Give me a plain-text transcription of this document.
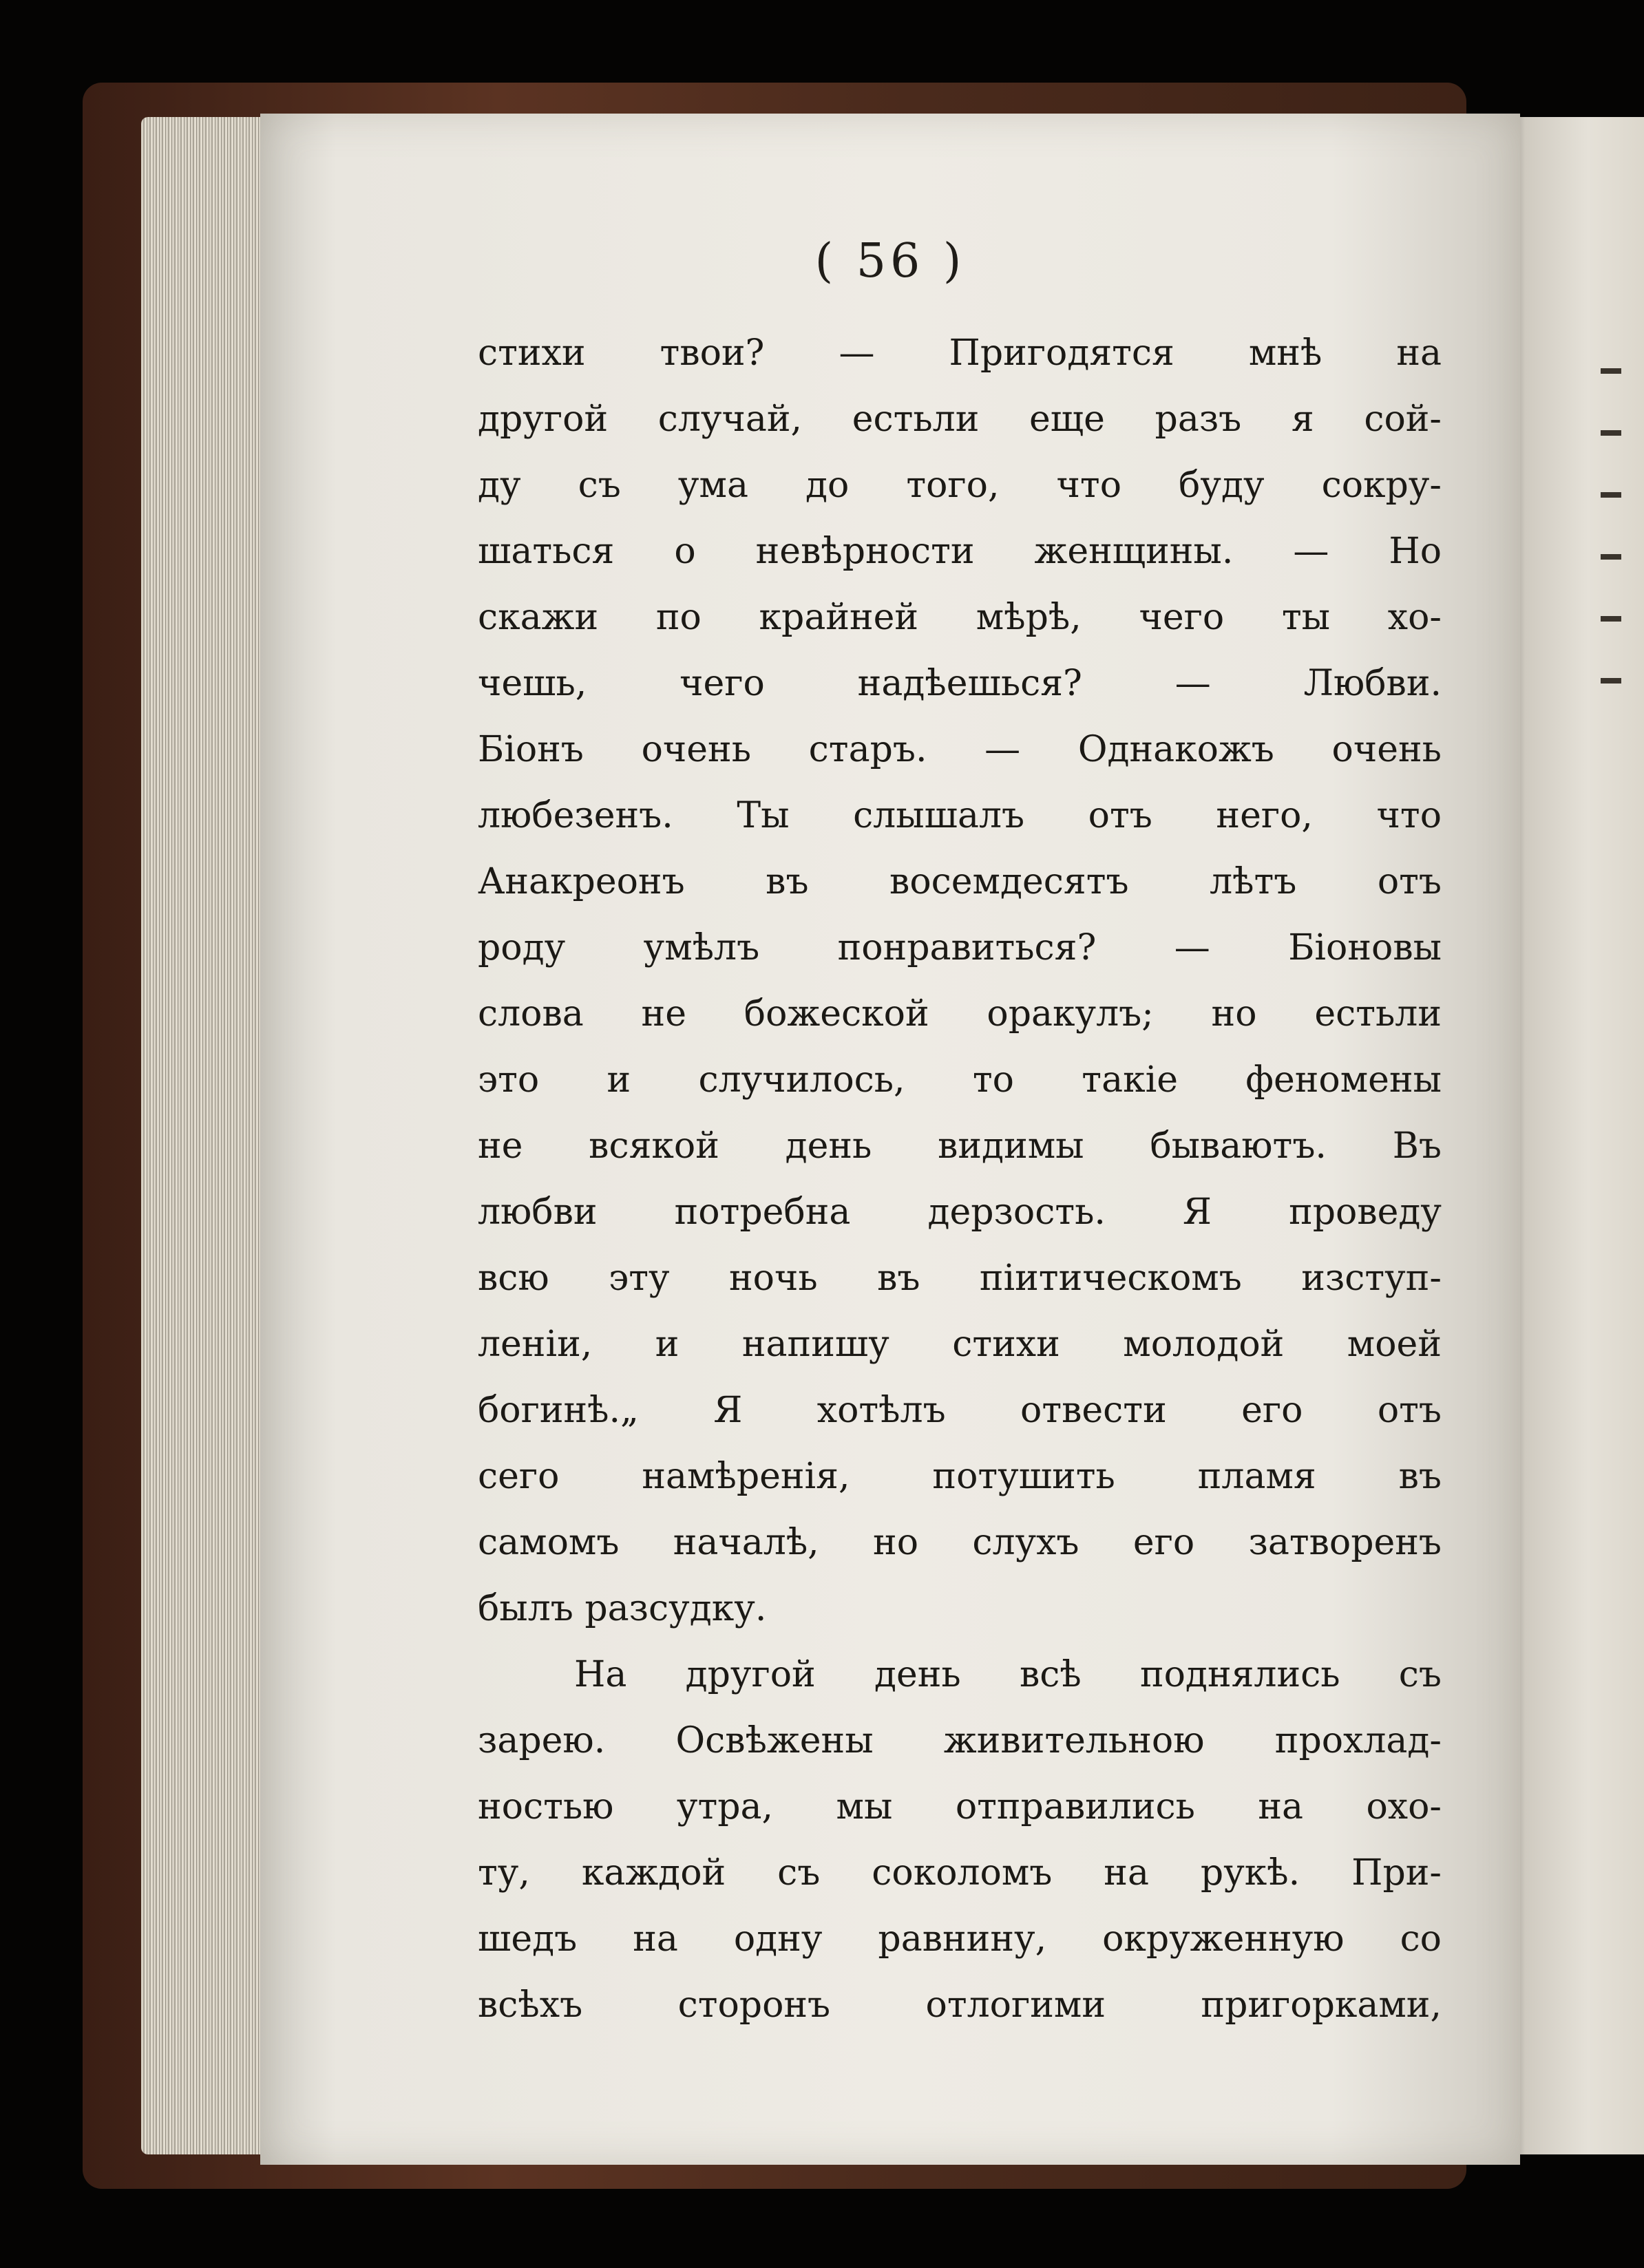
( 56 )
стихи твои? — Пригодятся мнѣ на
другой случай, естьли еще разъ я сой-
ду съ ума до того, что буду сокру-
шаться о невѣрности женщины. — Но
скажи по крайней мѣрѣ, чего ты хо-
чешь, чего надѣешься? — Любви.
Біонъ очень старъ. — Однакожъ очень
любезенъ. Ты слышалъ отъ него, что
Анакреонъ въ восемдесятъ лѣтъ отъ
роду умѣлъ понравиться? — Біоновы
слова не божеской оракулъ; но естьли
это и случилось, то такіе феномены
не всякой день видимы бываютъ. Въ
любви потребна дерзость. Я проведу
всю эту ночь въ піитическомъ изступ-
леніи, и напишу стихи молодой моей
богинѣ.„ Я хотѣлъ отвести его отъ
сего намѣренія, потушить пламя въ
самомъ началѣ, но слухъ его затворенъ
былъ разсудку.
На другой день всѣ поднялись съ
зарею. Освѣжены живительною прохлад-
ностью утра, мы отправились на охо-
ту, каждой съ соколомъ на рукѣ. При-
шедъ на одну равнину, окруженную со
всѣхъ сторонъ отлогими пригорками,
